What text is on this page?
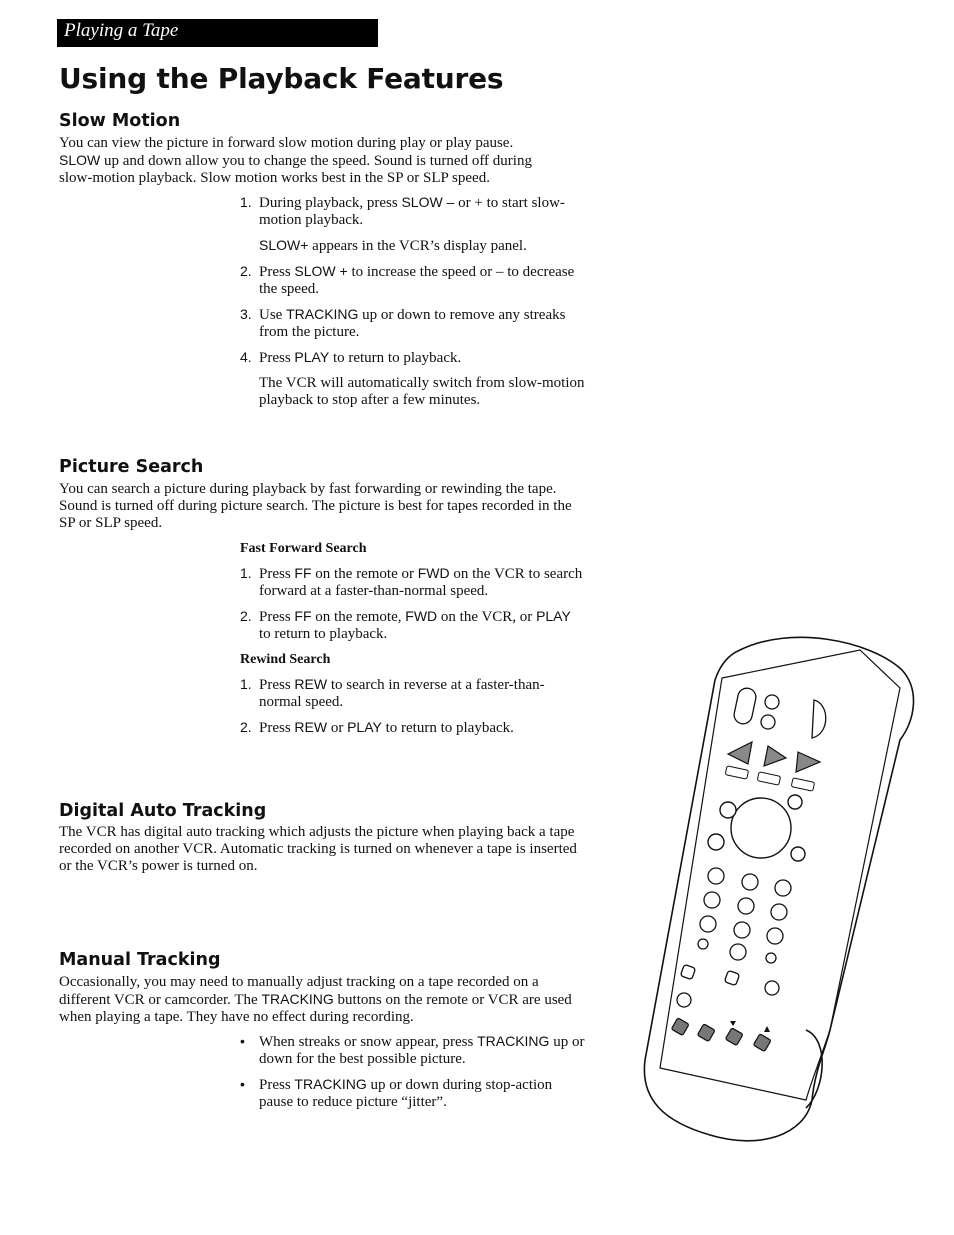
Playing a Tape
Using the Playback Features
Slow Motion
You can view the picture in forward slow motion during play or play pause.
SLOW up and down allow you to change the speed. Sound is turned off during
slow-motion playback. Slow motion works best in the SP or SLP speed.
1. During playback, press SLOW – or + to start slow-motion playback.
SLOW+ appears in the VCR’s display panel.
2. Press SLOW + to increase the speed or – to decrease the speed.
3. Use TRACKING up or down to remove any streaks from the picture.
4. Press PLAY to return to playback.
The VCR will automatically switch from slow-motion playback to stop after a few minutes.
Picture Search
You can search a picture during playback by fast forwarding or rewinding the tape. Sound is turned off during picture search. The picture is best for tapes recorded in the SP or SLP speed.
Fast Forward Search
1. Press FF on the remote or FWD on the VCR to search forward at a faster-than-normal speed.
2. Press FF on the remote, FWD on the VCR, or PLAY to return to playback.
Rewind Search
1. Press REW to search in reverse at a faster-than-normal speed.
2. Press REW or PLAY to return to playback.
Digital Auto Tracking
The VCR has digital auto tracking which adjusts the picture when playing back a tape recorded on another VCR. Automatic tracking is turned on whenever a tape is inserted or the VCR’s power is turned on.
Manual Tracking
Occasionally, you may need to manually adjust tracking on a tape recorded on a different VCR or camcorder. The TRACKING buttons on the remote or VCR are used when playing a tape. They have no effect during recording.
• When streaks or snow appear, press TRACKING up or down for the best possible picture.
• Press TRACKING up or down during stop-action pause to reduce picture “jitter”.
